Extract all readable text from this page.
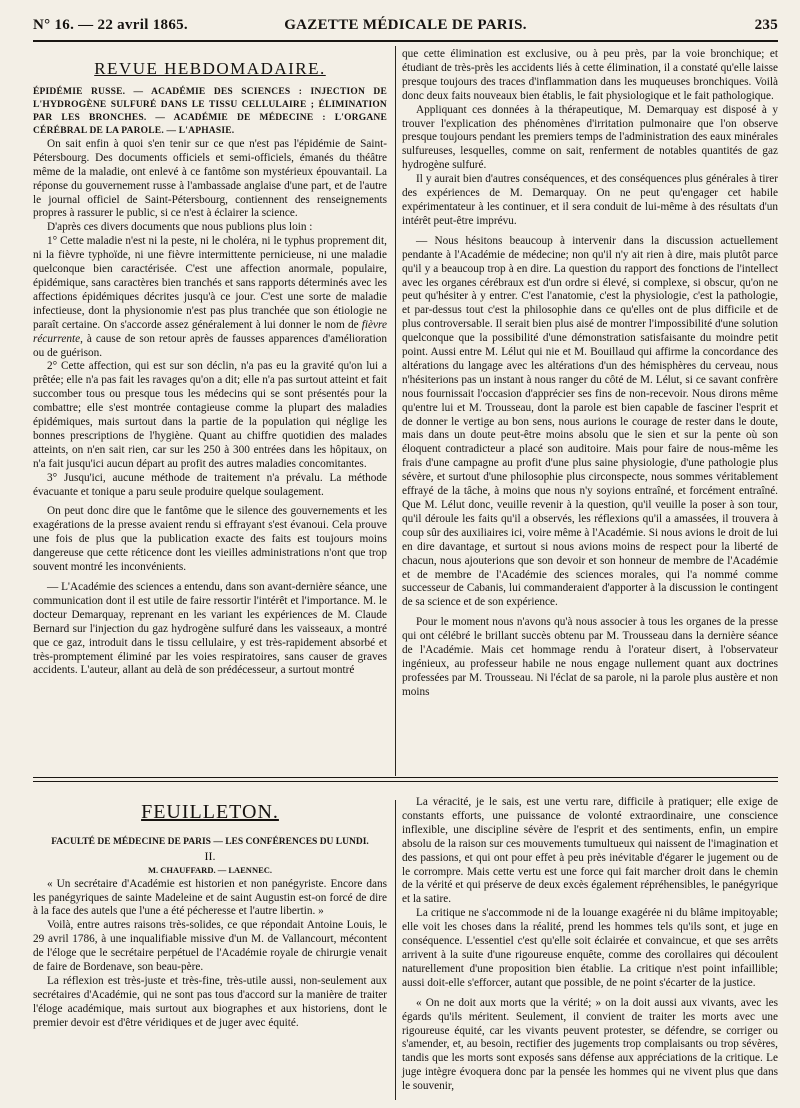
N° 16. — 22 avril 1865.	GAZETTE MÉDICALE DE PARIS.	235
REVUE HEBDOMADAIRE.

ÉPIDÉMIE RUSSE. — ACADÉMIE DES SCIENCES : INJECTION DE L'HYDROGÈNE SULFURÉ DANS LE TISSU CELLULAIRE ; ÉLIMINATION PAR LES BRONCHES. — ACADÉMIE DE MÉDECINE : L'ORGANE CÉRÉBRAL DE LA PAROLE. — L'APHASIE.

On sait enfin à quoi s'en tenir sur ce que n'est pas l'épidémie de Saint-Pétersbourg. Des documents officiels et semi-officiels, émanés du théâtre même de la maladie, ont enlevé à ce fantôme son mystérieux épouvantail. La réponse du gouvernement russe à l'ambassade anglaise d'une part, et de l'autre le journal officiel de Saint-Pétersbourg, contiennent des renseignements propres à rassurer le public, si ce n'est à éclairer la science.

D'après ces divers documents que nous publions plus loin :

1° Cette maladie n'est ni la peste, ni le choléra, ni le typhus proprement dit, ni la fièvre typhoïde, ni une fièvre intermittente pernicieuse, ni une maladie quelconque bien caractérisée. C'est une affection anormale, populaire, épidémique, sans caractères bien tranchés et sans rapports déterminés avec les affections épidémiques décrites jusqu'à ce jour. C'est une sorte de maladie infectieuse, dont la physionomie n'est pas plus tranchée que son étiologie ne paraît certaine. On s'accorde assez généralement à lui donner le nom de fièvre récurrente, à cause de son retour après de fausses apparences d'amélioration ou de guérison.

2° Cette affection, qui est sur son déclin, n'a pas eu la gravité qu'on lui a prêtée; elle n'a pas fait les ravages qu'on a dit; elle n'a pas surtout atteint et fait succomber tous ou presque tous les médecins qui se sont présentés pour la combattre; elle s'est montrée contagieuse comme la plupart des maladies épidémiques, mais surtout dans la partie de la population qui néglige les bonnes prescriptions de l'hygiène. Quant au chiffre quotidien des malades atteints, on n'en sait rien, car sur les 250 à 300 entrées dans les hôpitaux, on n'a fait jusqu'ici aucun départ au profit des autres maladies concomitantes.

3° Jusqu'ici, aucune méthode de traitement n'a prévalu. La méthode évacuante et tonique a paru seule produire quelque soulagement.

On peut donc dire que le fantôme que le silence des gouvernements et les exagérations de la presse avaient rendu si effrayant s'est évanoui. Cela prouve une fois de plus que la publication exacte des faits est toujours moins dangereuse que cette réticence dont les vieilles administrations n'ont que trop souvent montré les inconvénients.

— L'Académie des sciences a entendu, dans son avant-dernière séance, une communication dont il est utile de faire ressortir l'intérêt et l'importance. M. le docteur Demarquay, reprenant en les variant les expériences de M. Claude Bernard sur l'injection du gaz hydrogène sulfuré dans les vaisseaux, a montré que ce gaz, introduit dans le tissu cellulaire, y est très-rapidement absorbé et très-promptement éliminé par les voies respiratoires, sans causer de graves accidents. L'auteur, allant au delà de son prédécesseur, a surtout montré

que cette élimination est exclusive, ou à peu près, par la voie bronchique; et étudiant de très-près les accidents liés à cette élimination, il a constaté qu'elle laisse presque toujours des traces d'inflammation dans les muqueuses bronchiques. Voilà donc deux faits nouveaux bien établis, le fait physiologique et le fait pathologique.

Appliquant ces données à la thérapeutique, M. Demarquay est disposé à y trouver l'explication des phénomènes d'irritation pulmonaire que l'on observe presque toujours pendant les premiers temps de l'administration des eaux minérales sulfureuses, lesquelles, comme on sait, renferment de notables quantités de gaz hydrogène sulfuré.

Il y aurait bien d'autres conséquences, et des conséquences plus générales à tirer des expériences de M. Demarquay. On ne peut qu'engager cet habile expérimentateur à les continuer, et il sera conduit de lui-même à des résultats d'un intérêt peut-être imprévu.

— Nous hésitons beaucoup à intervenir dans la discussion actuellement pendante à l'Académie de médecine; non qu'il n'y ait rien à dire, mais plutôt parce qu'il y a beaucoup trop à en dire. La question du rapport des fonctions de l'intellect avec les organes cérébraux est d'un ordre si élevé, si complexe, si obscur, qu'on ne peut qu'hésiter à y entrer. C'est l'anatomie, c'est la physiologie, c'est la pathologie, et par-dessus tout c'est la philosophie dans ce qu'elles ont de plus difficile et de plus controversable. Il serait bien plus aisé de montrer l'impossibilité d'une solution quelconque que la possibilité d'une démonstration satisfaisante du moindre petit point. Aussi entre M. Lélut qui nie et M. Bouillaud qui affirme la concordance des altérations du langage avec les altérations d'un des hémisphères du cerveau, nous n'hésiterions pas un instant à nous ranger du côté de M. Lélut, si ce savant confrère nous fournissait l'occasion d'apprécier ses fins de non-recevoir. Nous dirons même qu'entre lui et M. Trousseau, dont la parole est bien capable de fasciner l'esprit et de donner le vertige au bon sens, nous aurions le courage de rester dans le doute, mais dans un doute peut-être moins absolu que le sien et sur la pente où son éloquent contradicteur a placé son auditoire. Mais pour faire de nous-même les frais d'une campagne au profit d'une plus saine physiologie, d'une pathologie plus sévère, et surtout d'une philosophie plus circonspecte, nous sommes véritablement effrayé de la tâche, à moins que nous n'y soyions entraîné, et forcément entraîné. Que M. Lélut donc, veuille revenir à la question, qu'il veuille la poser à son tour, qu'il déroule les faits qu'il a observés, les réflexions qu'il a amassées, il trouvera à coup sûr des auxiliaires ici, voire même à l'Académie. Si nous avions le droit de lui en dire davantage, et surtout si nous avions moins de respect pour la liberté de chacun, nous ajouterions que son devoir et son honneur de membre de l'Académie et de membre de l'Académie des sciences morales, qui l'a nommé comme successeur de Cabanis, lui commanderaient d'apporter à la discussion le contingent de sa science et de son expérience.

Pour le moment nous n'avons qu'à nous associer à tous les organes de la presse qui ont célébré le brillant succès obtenu par M. Trousseau dans la dernière séance de l'Académie. Mais cet hommage rendu à l'orateur disert, à l'observateur ingénieux, au professeur habile ne nous engage nullement quant aux doctrines professées par M. Trousseau. Ni l'éclat de sa parole, ni la parole plus austère et non moins

FEUILLETON.

FACULTÉ DE MÉDECINE DE PARIS — LES CONFÉRENCES DU LUNDI.

II.

M. CHAUFFARD. — LAENNEC.

« Un secrétaire d'Académie est historien et non panégyriste. Encore dans les panégyriques de sainte Madeleine et de saint Augustin est-on forcé de dire à la face des autels que l'une a été pécheresse et l'autre libertin. »

Voilà, entre autres raisons très-solides, ce que répondait Antoine Louis, le 29 avril 1786, à une inqualifiable missive d'un M. de Vallancourt, mécontent de l'éloge que le secrétaire perpétuel de l'Académie royale de chirurgie venait de faire de Bordenave, son beau-père.

La réflexion est très-juste et très-fine, très-utile aussi, non-seulement aux secrétaires d'Académie, qui ne sont pas tous d'accord sur la manière de traiter l'éloge académique, mais surtout aux biographes et aux historiens, dont le premier devoir est d'être véridiques et de juger avec équité.

La véracité, je le sais, est une vertu rare, difficile à pratiquer; elle exige de constants efforts, une puissance de volonté extraordinaire, une conscience inflexible, une discipline sévère de l'esprit et des sentiments, enfin, un empire absolu de la raison sur ces mouvements tumultueux qui naissent de l'imagination et des passions, et qui ont pour effet à peu près inévitable d'égarer le jugement ou de le corrompre. Mais cette vertu est une force qui fait marcher droit dans le chemin de la vérité et qui préserve de deux excès également répréhensibles, le panégyrique et la satire.

La critique ne s'accommode ni de la louange exagérée ni du blâme impitoyable; elle voit les choses dans la réalité, prend les hommes tels qu'ils sont, et juge en conséquence. L'essentiel c'est qu'elle soit éclairée et convaincue, et que ses arrêts arrivent à la suite d'une rigoureuse enquête, comme des corollaires qui découlent naturellement d'une proposition bien établie. La critique n'est point infaillible; aussi doit-elle s'efforcer, autant que possible, de ne point s'écarter de la justice.

« On ne doit aux morts que la vérité; » on la doit aussi aux vivants, avec les égards qu'ils méritent. Seulement, il convient de traiter les morts avec une rigoureuse équité, car les vivants peuvent protester, se défendre, se corriger ou s'amender, et, au besoin, rectifier des jugements trop complaisants ou trop sévères, tandis que les morts sont exposés sans défense aux appréciations de la critique. Le juge intègre évoquera donc par la pensée les hommes qui ne vivent plus que dans le souvenir,
